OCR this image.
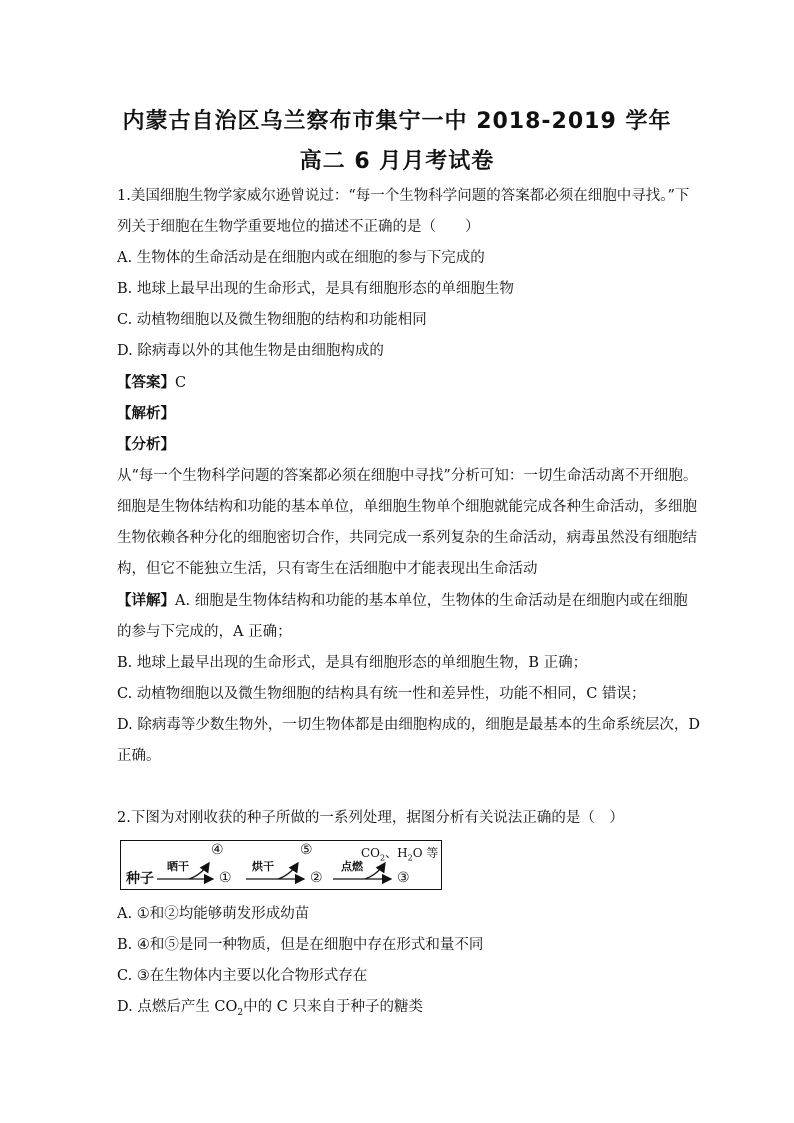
内蒙古自治区乌兰察布市集宁一中 2018-2019 学年
高二 6 月月考试卷
1.美国细胞生物学家威尔逊曾说过：“每一个生物科学问题的答案都必须在细胞中寻找。”下
列关于细胞在生物学重要地位的描述不正确的是（　　）
A. 生物体的生命活动是在细胞内或在细胞的参与下完成的
B. 地球上最早出现的生命形式，是具有细胞形态的单细胞生物
C. 动植物细胞以及微生物细胞的结构和功能相同
D. 除病毒以外的其他生物是由细胞构成的
【答案】C
【解析】
【分析】
从“每一个生物科学问题的答案都必须在细胞中寻找”分析可知：一切生命活动离不开细胞。
细胞是生物体结构和功能的基本单位，单细胞生物单个细胞就能完成各种生命活动，多细胞
生物依赖各种分化的细胞密切合作，共同完成一系列复杂的生命活动，病毒虽然没有细胞结
构，但它不能独立生活，只有寄生在活细胞中才能表现出生命活动
【详解】A. 细胞是生物体结构和功能的基本单位，生物体的生命活动是在细胞内或在细胞
的参与下完成的，A 正确；
B. 地球上最早出现的生命形式，是具有细胞形态的单细胞生物，B 正确；
C. 动植物细胞以及微生物细胞的结构具有统一性和差异性，功能不相同，C 错误；
D. 除病毒等少数生物外，一切生物体都是由细胞构成的，细胞是最基本的生命系统层次，D
正确。
2.下图为对刚收获的种子所做的一系列处理，据图分析有关说法正确的是（　）
种子
晒干	烘干	点燃
①	②	③
④	⑤	$CO_2$、$H_2O$ 等
A. ①和②均能够萌发形成幼苗
B. ④和⑤是同一种物质，但是在细胞中存在形式和量不同
C. ③在生物体内主要以化合物形式存在
D. 点燃后产生 $CO_2$中的 C 只来自于种子的糖类
